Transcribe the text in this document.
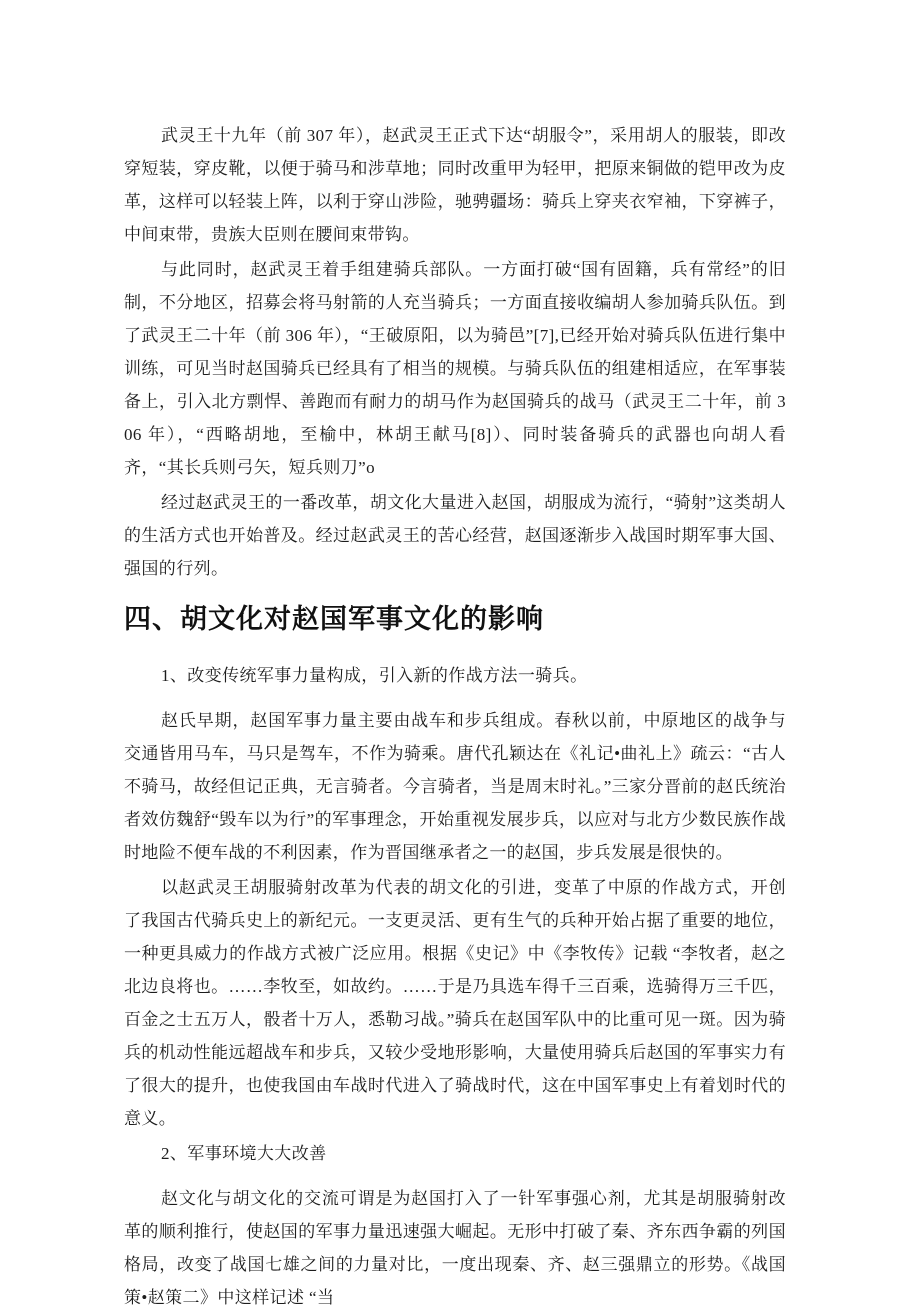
武灵王十九年（前 307 年），赵武灵王正式下达“胡服令”，采用胡人的服装，即改穿短装，穿皮靴，以便于骑马和涉草地；同时改重甲为轻甲，把原来铜做的铠甲改为皮革，这样可以轻装上阵，以利于穿山涉险，驰骋疆场：骑兵上穿夹衣窄袖，下穿裤子，中间束带，贵族大臣则在腰间束带钩。

与此同时，赵武灵王着手组建骑兵部队。一方面打破“国有固籍，兵有常经”的旧制，不分地区，招募会将马射箭的人充当骑兵；一方面直接收编胡人参加骑兵队伍。到了武灵王二十年（前 306 年），“王破原阳，以为骑邑”[7],已经开始对骑兵队伍进行集中训练，可见当时赵国骑兵已经具有了相当的规模。与骑兵队伍的组建相适应，在军事装备上，引入北方剽悍、善跑而有耐力的胡马作为赵国骑兵的战马（武灵王二十年，前 306 年），“西略胡地，至榆中，林胡王献马[8]）、同时装备骑兵的武器也向胡人看齐，“其长兵则弓矢，短兵则刀”o

经过赵武灵王的一番改革，胡文化大量进入赵国，胡服成为流行，“骑射”这类胡人的生活方式也开始普及。经过赵武灵王的苦心经营，赵国逐渐步入战国时期军事大国、强国的行列。

四、胡文化对赵国军事文化的影响

1、改变传统军事力量构成，引入新的作战方法一骑兵。

赵氏早期，赵国军事力量主要由战车和步兵组成。春秋以前，中原地区的战争与交通皆用马车，马只是驾车，不作为骑乘。唐代孔颖达在《礼记•曲礼上》疏云：“古人不骑马，故经但记正典，无言骑者。今言骑者，当是周末时礼。”三家分晋前的赵氏统治者效仿魏舒“毁车以为行”的军事理念，开始重视发展步兵，以应对与北方少数民族作战时地险不便车战的不利因素，作为晋国继承者之一的赵国，步兵发展是很快的。

以赵武灵王胡服骑射改革为代表的胡文化的引进，变革了中原的作战方式，开创了我国古代骑兵史上的新纪元。一支更灵活、更有生气的兵种开始占据了重要的地位，一种更具威力的作战方式被广泛应用。根据《史记》中《李牧传》记载 “李牧者，赵之北边良将也。……李牧至，如故约。……于是乃具选车得千三百乘，选骑得万三千匹，百金之士五万人，骰者十万人，悉勒习战。”骑兵在赵国军队中的比重可见一斑。因为骑兵的机动性能远超战车和步兵，又较少受地形影响，大量使用骑兵后赵国的军事实力有了很大的提升，也使我国由车战时代进入了骑战时代，这在中国军事史上有着划时代的意义。

2、军事环境大大改善

赵文化与胡文化的交流可谓是为赵国打入了一针军事强心剂，尤其是胡服骑射改革的顺利推行，使赵国的军事力量迅速强大崛起。无形中打破了秦、齐东西争霸的列国格局，改变了战国七雄之间的力量对比，一度出现秦、齐、赵三强鼎立的形势。《战国策•赵策二》中这样记述 “当
